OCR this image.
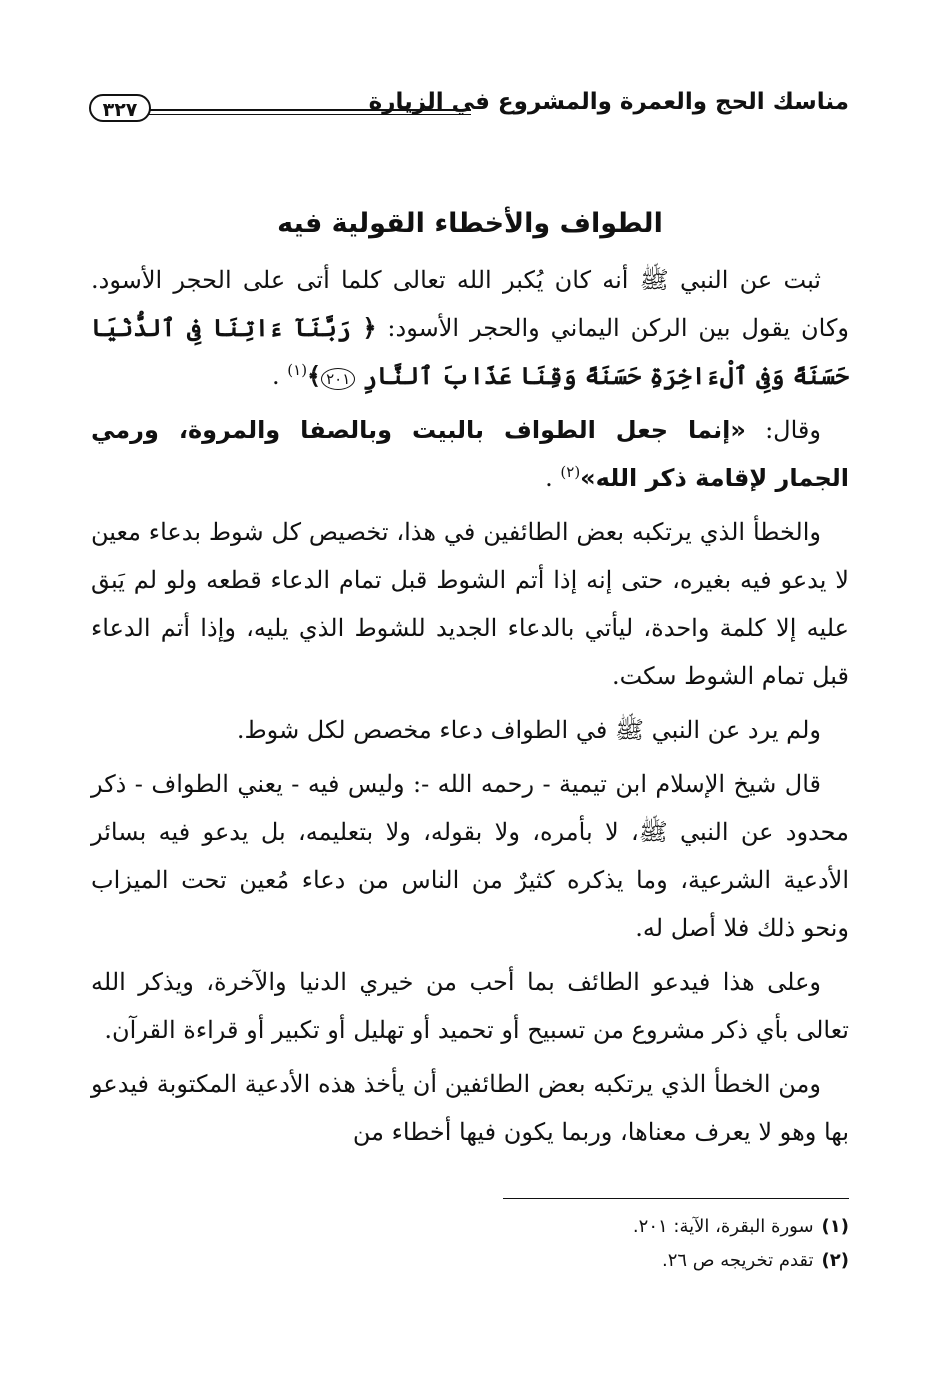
مناسك الحج والعمرة والمشروع في الزيارة
٣٢٧
الطواف والأخطاء القولية فيه

ثبت عن النبي ﷺ أنه كان يُكبر الله تعالى كلما أتى على الحجر الأسود. وكان يقول بين الركن اليماني والحجر الأسود: ﴿ رَبَّنَآ ءَاتِنَا فِى ٱلدُّنْيَا حَسَنَةً وَفِى ٱلْءَاخِرَةِ حَسَنَةً وَقِنَا عَذَابَ ٱلنَّارِ ٢٠١﴾$^{(١)}$ .

وقال: «إنما جعل الطواف بالبيت وبالصفا والمروة، ورمي الجمار لإقامة ذكر الله»$^{(٢)}$ .

والخطأ الذي يرتكبه بعض الطائفين في هذا، تخصيص كل شوط بدعاء معين لا يدعو فيه بغيره، حتى إنه إذا أتم الشوط قبل تمام الدعاء قطعه ولو لم يَبق عليه إلا كلمة واحدة، ليأتي بالدعاء الجديد للشوط الذي يليه، وإذا أتم الدعاء قبل تمام الشوط سكت.

ولم يرد عن النبي ﷺ في الطواف دعاء مخصص لكل شوط.

قال شيخ الإسلام ابن تيمية - رحمه الله -: وليس فيه - يعني الطواف - ذكر محدود عن النبي ﷺ، لا بأمره، ولا بقوله، ولا بتعليمه، بل يدعو فيه بسائر الأدعية الشرعية، وما يذكره كثيرٌ من الناس من دعاء مُعين تحت الميزاب ونحو ذلك فلا أصل له.

وعلى هذا فيدعو الطائف بما أحب من خيري الدنيا والآخرة، ويذكر الله تعالى بأي ذكر مشروع من تسبيح أو تحميد أو تهليل أو تكبير أو قراءة القرآن.

ومن الخطأ الذي يرتكبه بعض الطائفين أن يأخذ هذه الأدعية المكتوبة فيدعو بها وهو لا يعرف معناها، وربما يكون فيها أخطاء من

(١)سورة البقرة، الآية: ٢٠١.

(٢)تقدم تخريجه ص ٢٦.
